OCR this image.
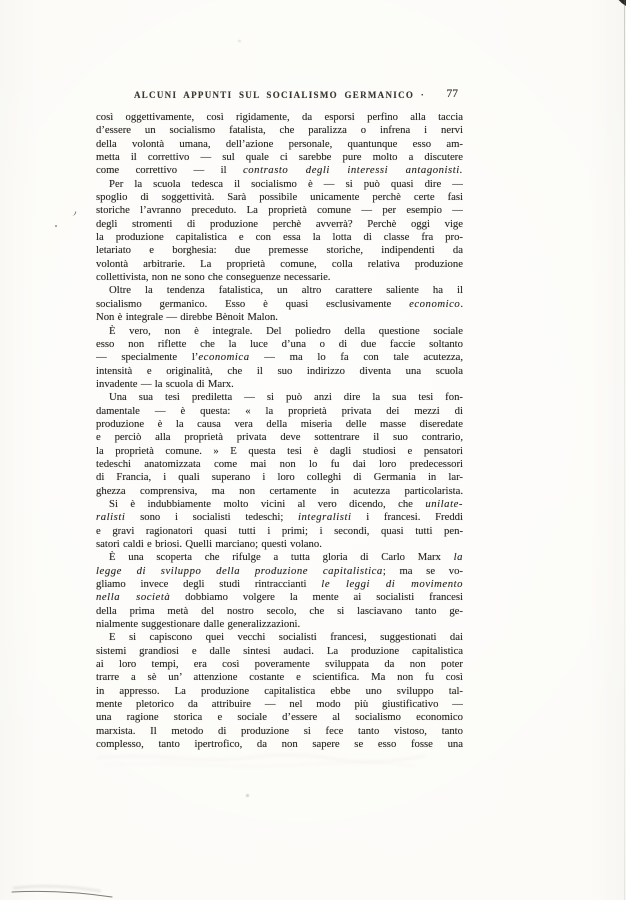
ALCUNI APPUNTI SUL SOCIALISMO GERMANICO ·	77
così oggettivamente, così rigidamente, da esporsi perfino alla taccia
d’essere un socialismo fatalista, che paralizza o infrena i nervi
della volontà umana, dell’azione personale, quantunque esso am-
metta il correttivo — sul quale ci sarebbe pure molto a discutere
come correttivo — il contrasto degli interessi antagonisti.
Per la scuola tedesca il socialismo è — si può quasi dire —
spoglio di soggettività. Sarà possibile unicamente perchè certe fasi
storiche l’avranno preceduto. La proprietà comune — per esempio —
degli stromenti di produzione perchè avverrà? Perchè oggi vige
la produzione capitalistica e con essa la lotta di classe fra pro-
letariato e borghesia: due premesse storiche, indipendenti da
volontà arbitrarie. La proprietà comune, colla relativa produzione
collettivista, non ne sono che conseguenze necessarie.
Oltre la tendenza fatalistica, un altro carattere saliente ha il
socialismo germanico. Esso è quasi esclusivamente economico.
Non è integrale — direbbe Bènoit Malon.
È vero, non è integrale. Del poliedro della questione sociale
esso non riflette che la luce d’una o di due faccie soltanto
— specialmente l’economica — ma lo fa con tale acutezza,
intensità e originalità, che il suo indirizzo diventa una scuola
invadente — la scuola di Marx.
Una sua tesi prediletta — si può anzi dire la sua tesi fon-
damentale — è questa: « la proprietà privata dei mezzi di
produzione è la causa vera della miseria delle masse diseredate
e perciò alla proprietà privata deve sottentrare il suo contrario,
la proprietà comune. » E questa tesi è dagli studiosi e pensatori
tedeschi anatomizzata come mai non lo fu dai loro predecessori
di Francia, i quali superano i loro colleghi di Germania in lar-
ghezza comprensiva, ma non certamente in acutezza particolarista.
Si è indubbiamente molto vicini al vero dicendo, che unilate-
ralisti sono i socialisti tedeschi; integralisti i francesi. Freddi
e gravi ragionatori quasi tutti i primi; i secondi, quasi tutti pen-
satori caldi e briosi. Quelli marciano; questi volano.
È una scoperta che rifulge a tutta gloria di Carlo Marx la
legge di sviluppo della produzione capitalistica; ma se vo-
gliamo invece degli studi rintraccianti le leggi di movimento
nella società dobbiamo volgere la mente ai socialisti francesi
della prima metà del nostro secolo, che si lasciavano tanto ge-
nialmente suggestionare dalle generalizzazioni.
E si capiscono quei vecchi socialisti francesi, suggestionati dai
sistemi grandiosi e dalle sintesi audaci. La produzione capitalistica
ai loro tempi, era così poveramente sviluppata da non poter
trarre a sè un’ attenzione costante e scientifica. Ma non fu così
in appresso. La produzione capitalistica ebbe uno sviluppo tal-
mente pletorico da attribuire — nel modo più giustificativo —
una ragione storica e sociale d’essere al socialismo economico
marxista. Il metodo di produzione si fece tanto vistoso, tanto
complesso, tanto ipertrofico, da non sapere se esso fosse una
